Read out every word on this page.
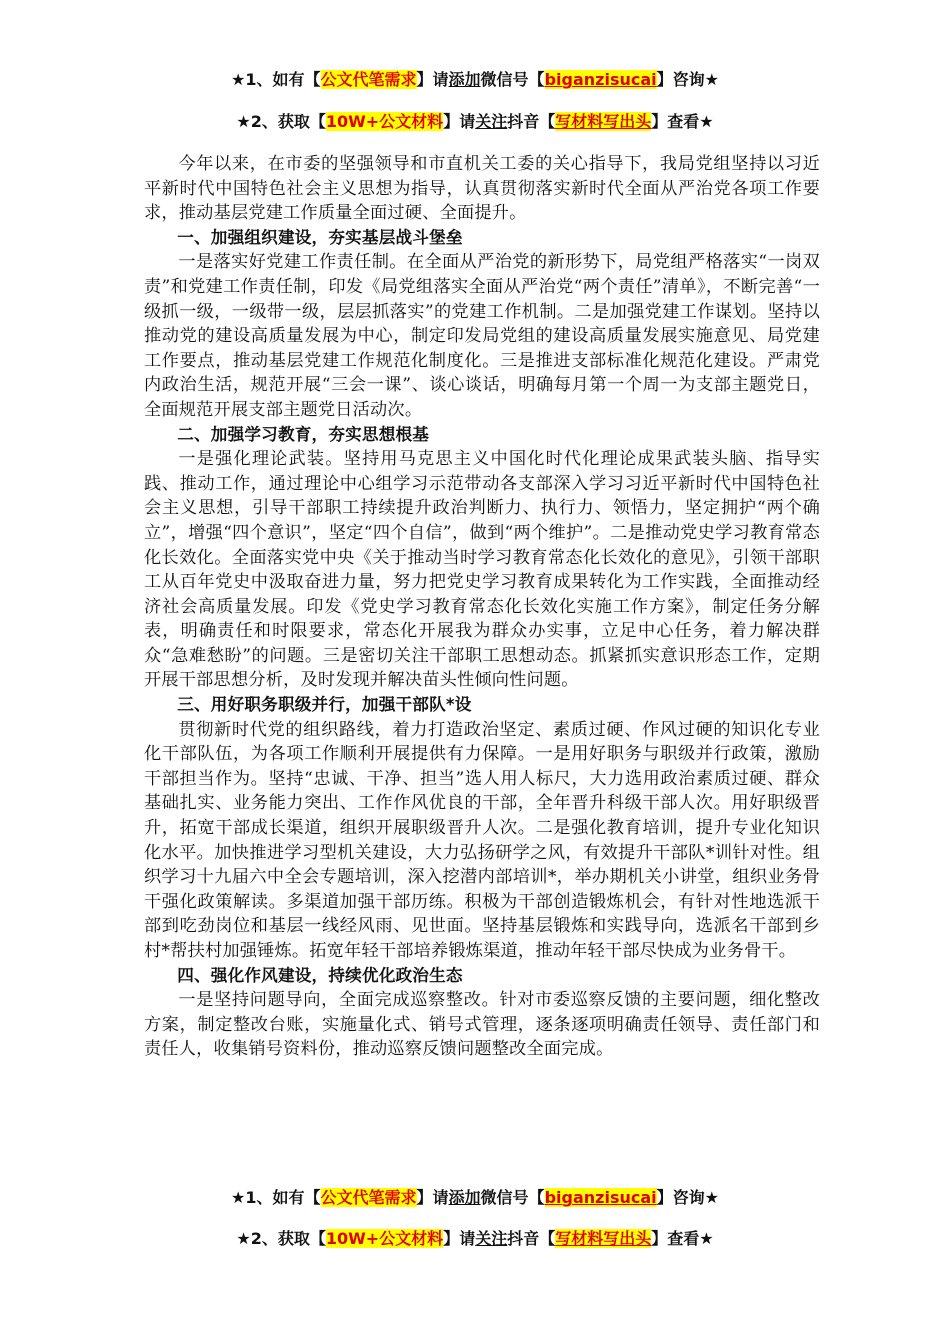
★1、如有【公文代笔需求】请添加微信号【biganzisucai】咨询★
★2、获取【10W+公文材料】请关注抖音【写材料写出头】查看★

今年以来，在市委的坚强领导和市直机关工委的关心指导下，我局党组坚持以习近平新时代中国特色社会主义思想为指导，认真贯彻落实新时代全面从严治党各项工作要求，推动基层党建工作质量全面过硬、全面提升。

一、加强组织建设，夯实基层战斗堡垒

一是落实好党建工作责任制。在全面从严治党的新形势下，局党组严格落实“一岗双责”和党建工作责任制，印发《局党组落实全面从严治党“两个责任”清单》，不断完善“一级抓一级，一级带一级，层层抓落实”的党建工作机制。二是加强党建工作谋划。坚持以推动党的建设高质量发展为中心，制定印发局党组的建设高质量发展实施意见、局党建工作要点，推动基层党建工作规范化制度化。三是推进支部标准化规范化建设。严肃党内政治生活，规范开展“三会一课”、谈心谈话，明确每月第一个周一为支部主题党日，全面规范开展支部主题党日活动次。

二、加强学习教育，夯实思想根基

一是强化理论武装。坚持用马克思主义中国化时代化理论成果武装头脑、指导实践、推动工作，通过理论中心组学习示范带动各支部深入学习习近平新时代中国特色社会主义思想，引导干部职工持续提升政治判断力、执行力、领悟力，坚定拥护“两个确立”，增强“四个意识”，坚定“四个自信”，做到“两个维护”。二是推动党史学习教育常态化长效化。全面落实党中央《关于推动当时学习教育常态化长效化的意见》，引领干部职工从百年党史中汲取奋进力量，努力把党史学习教育成果转化为工作实践，全面推动经济社会高质量发展。印发《党史学习教育常态化长效化实施工作方案》，制定任务分解表，明确责任和时限要求，常态化开展我为群众办实事，立足中心任务，着力解决群众“急难愁盼”的问题。三是密切关注干部职工思想动态。抓紧抓实意识形态工作，定期开展干部思想分析，及时发现并解决苗头性倾向性问题。

三、用好职务职级并行，加强干部队*设

贯彻新时代党的组织路线，着力打造政治坚定、素质过硬、作风过硬的知识化专业化干部队伍，为各项工作顺利开展提供有力保障。一是用好职务与职级并行政策，激励干部担当作为。坚持“忠诚、干净、担当”选人用人标尺，大力选用政治素质过硬、群众基础扎实、业务能力突出、工作作风优良的干部，全年晋升科级干部人次。用好职级晋升，拓宽干部成长渠道，组织开展职级晋升人次。二是强化教育培训，提升专业化知识化水平。加快推进学习型机关建设，大力弘扬研学之风，有效提升干部队*训针对性。组织学习十九届六中全会专题培训，深入挖潜内部培训*，举办期机关小讲堂，组织业务骨干强化政策解读。多渠道加强干部历练。积极为干部创造锻炼机会，有针对性地选派干部到吃劲岗位和基层一线经风雨、见世面。坚持基层锻炼和实践导向，选派名干部到乡村*帮扶村加强锤炼。拓宽年轻干部培养锻炼渠道，推动年轻干部尽快成为业务骨干。

四、强化作风建设，持续优化政治生态

一是坚持问题导向，全面完成巡察整改。针对市委巡察反馈的主要问题，细化整改方案，制定整改台账，实施量化式、销号式管理，逐条逐项明确责任领导、责任部门和责任人，收集销号资料份，推动巡察反馈问题整改全面完成。

★1、如有【公文代笔需求】请添加微信号【biganzisucai】咨询★
★2、获取【10W+公文材料】请关注抖音【写材料写出头】查看★
